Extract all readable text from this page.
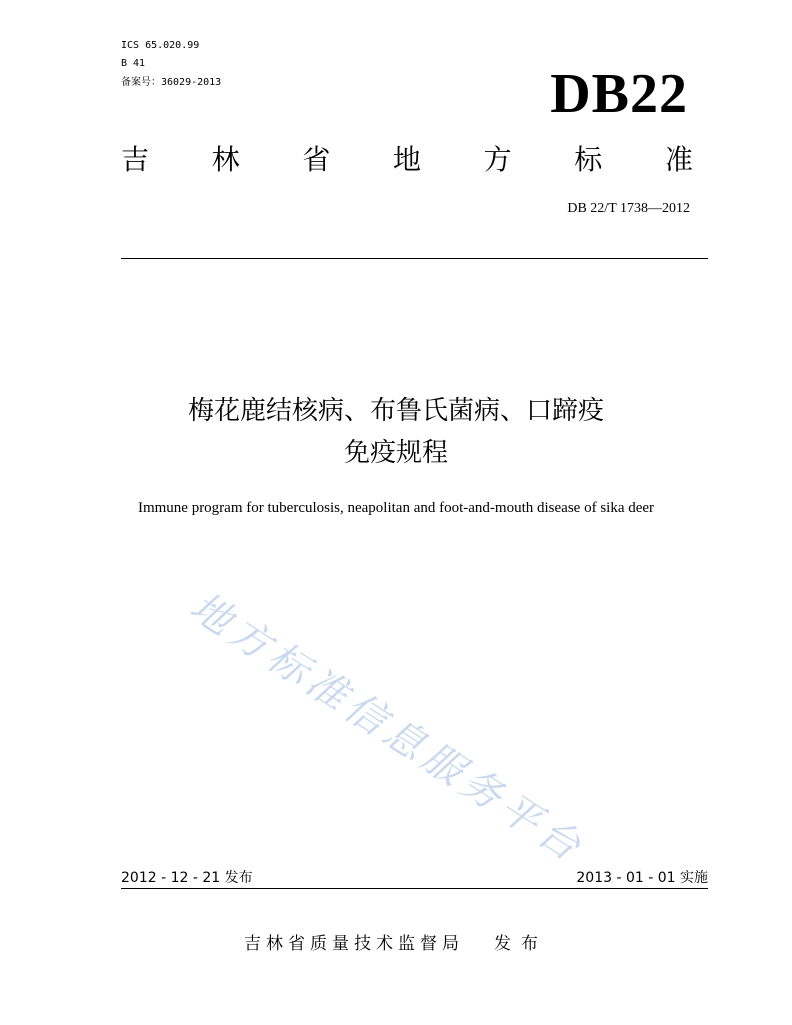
ICS 65.020.99
B 41
备案号：36029-2013	DB22
吉 林 省 地 方 标 准
DB 22/T 1738—2012
梅花鹿结核病、布鲁氏菌病、口蹄疫
免疫规程
Immune program for tuberculosis, neapolitan and foot-and-mouth disease of sika deer
地方标准信息服务平台
2012 - 12 - 21 发布	2013 - 01 - 01 实施
吉林省质量技术监督局 发布
